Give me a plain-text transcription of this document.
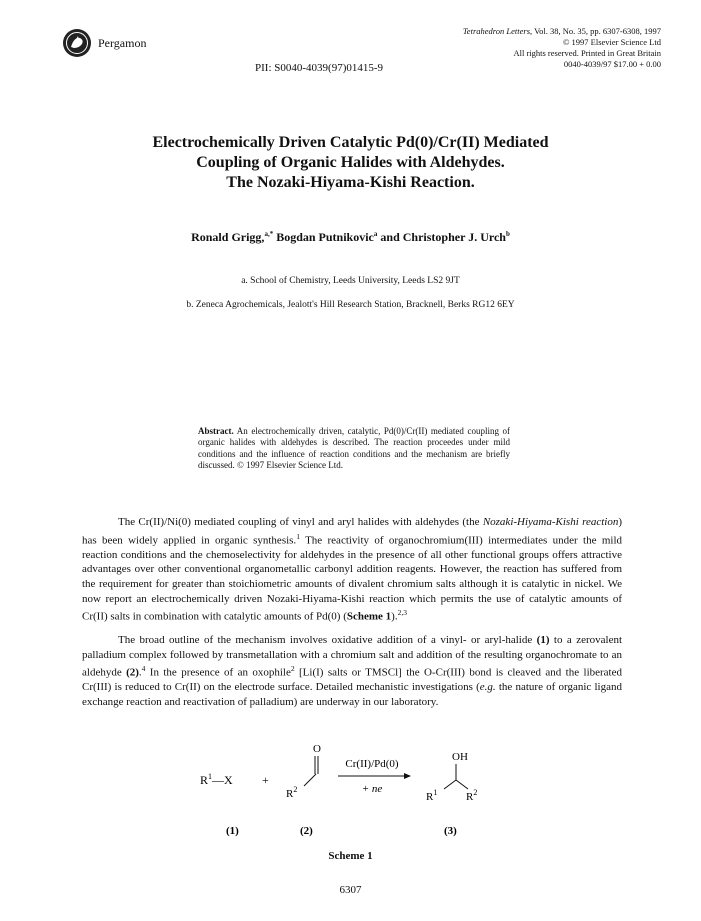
Pergamon
Tetrahedron Letters, Vol. 38, No. 35, pp. 6307-6308, 1997
© 1997 Elsevier Science Ltd
All rights reserved. Printed in Great Britain
0040-4039/97 $17.00 + 0.00
PII: S0040-4039(97)01415-9
Electrochemically Driven Catalytic Pd(0)/Cr(II) Mediated
Coupling of Organic Halides with Aldehydes.
The Nozaki-Hiyama-Kishi Reaction.
Ronald Grigg,$^{a,*}$ Bogdan Putnikovic$^a$ and Christopher J. Urch$^b$
a. School of Chemistry, Leeds University, Leeds LS2 9JT
b. Zeneca Agrochemicals, Jealott's Hill Research Station, Bracknell, Berks RG12 6EY
Abstract. An electrochemically driven, catalytic, Pd(0)/Cr(II) mediated coupling of organic halides with aldehydes is described. The reaction proceedes under mild conditions and the influence of reaction conditions and the mechanism are briefly discussed. © 1997 Elsevier Science Ltd.
The Cr(II)/Ni(0) mediated coupling of vinyl and aryl halides with aldehydes (the Nozaki-Hiyama-Kishi reaction) has been widely applied in organic synthesis.$^1$ The reactivity of organochromium(III) intermediates under the mild reaction conditions and the chemoselectivity for aldehydes in the presence of all other functional groups offers attractive advantages over other conventional organometallic carbonyl addition reagents. However, the reaction has suffered from the requirement for greater than stoichiometric amounts of divalent chromium salts although it is catalytic in nickel. We now report an electrochemically driven Nozaki-Hiyama-Kishi reaction which permits the use of catalytic amounts of Cr(II) salts in combination with catalytic amounts of Pd(0) (Scheme 1).$^{2,3}$
The broad outline of the mechanism involves oxidative addition of a vinyl- or aryl-halide (1) to a zerovalent palladium complex followed by transmetallation with a chromium salt and addition of the resulting organochromate to an aldehyde (2).$^4$ In the presence of an oxophile$^2$ [Li(I) salts or TMSCl] the O-Cr(III) bond is cleaved and the liberated Cr(III) is reduced to Cr(II) on the electrode surface. Detailed mechanistic investigations (e.g. the nature of organic ligand exchange reaction and reactivation of palladium) are underway in our laboratory.
$R^1—X$ +
O
$R^2$
Cr(II)/Pd(0)
+ ne
OH
$R^1$	$R^2$
(1)	(2)	(3)
Scheme 1
6307
